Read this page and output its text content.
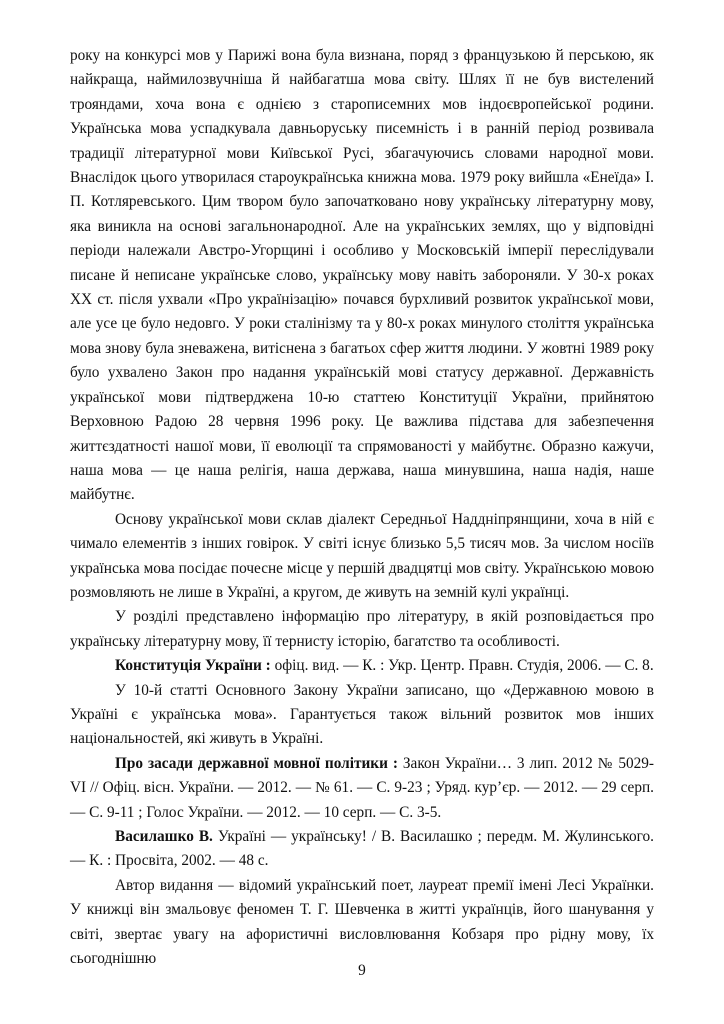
року на конкурсі мов у Парижі вона була визнана, поряд з французькою й перською, як найкраща, наймилозвучніша й найбагатша мова світу. Шлях її не був вистелений трояндами, хоча вона є однією з старописемних мов індоєвропейської родини. Українська мова успадкувала давньоруську писемність і в ранній період розвивала традиції літературної мови Київської Русі, збагачуючись словами народної мови. Внаслідок цього утворилася староукраїнська книжна мова. 1979 року вийшла «Енеїда» І. П. Котляревського. Цим твором було започатковано нову українську літературну мову, яка виникла на основі загальнонародної. Але на українських землях, що у відповідні періоди належали Австро-Угорщині і особливо у Московській імперії переслідували писане й неписане українське слово, українську мову навіть забороняли. У 30-х роках XX ст. після ухвали «Про українізацію» почався бурхливий розвиток української мови, але усе це було недовго. У роки сталінізму та у 80-х роках минулого століття українська мова знову була зневажена, витіснена з багатьох сфер життя людини. У жовтні 1989 року було ухвалено Закон про надання українській мові статусу державної. Державність української мови підтверджена 10-ю статтею Конституції України, прийнятою Верховною Радою 28 червня 1996 року. Це важлива підстава для забезпечення життєздатності нашої мови, її еволюції та спрямованості у майбутнє. Образно кажучи, наша мова — це наша релігія, наша держава, наша минувшина, наша надія, наше майбутнє.

Основу української мови склав діалект Середньої Наддніпрянщини, хоча в ній є чимало елементів з інших говірок. У світі існує близько 5,5 тисяч мов. За числом носіїв українська мова посідає почесне місце у першій двадцятці мов світу. Українською мовою розмовляють не лише в Україні, а кругом, де живуть на земній кулі українці.

У розділі представлено інформацію про літературу, в якій розповідається про українську літературну мову, її тернисту історію, багатство та особливості.

Конституція України : офіц. вид. — К. : Укр. Центр. Правн. Студія, 2006. — С. 8.

У 10-й статті Основного Закону України записано, що «Державною мовою в Україні є українська мова». Гарантується також вільний розвиток мов інших національностей, які живуть в Україні.

Про засади державної мовної політики : Закон України… 3 лип. 2012 № 5029-VI // Офіц. вісн. України. — 2012. — № 61. — С. 9-23 ; Уряд. кур’єр. — 2012. — 29 серп. — С. 9-11 ; Голос України. — 2012. — 10 серп. — С. 3-5.

Василашко В. Україні — українську! / В. Василашко ; передм. М. Жулинського. — К. : Просвіта, 2002. — 48 с.

Автор видання — відомий український поет, лауреат премії імені Лесі Українки. У книжці він змальовує феномен Т. Г. Шевченка в житті українців, його шанування у світі, звертає увагу на афористичні висловлювання Кобзаря про рідну мову, їх сьогоднішню

9
